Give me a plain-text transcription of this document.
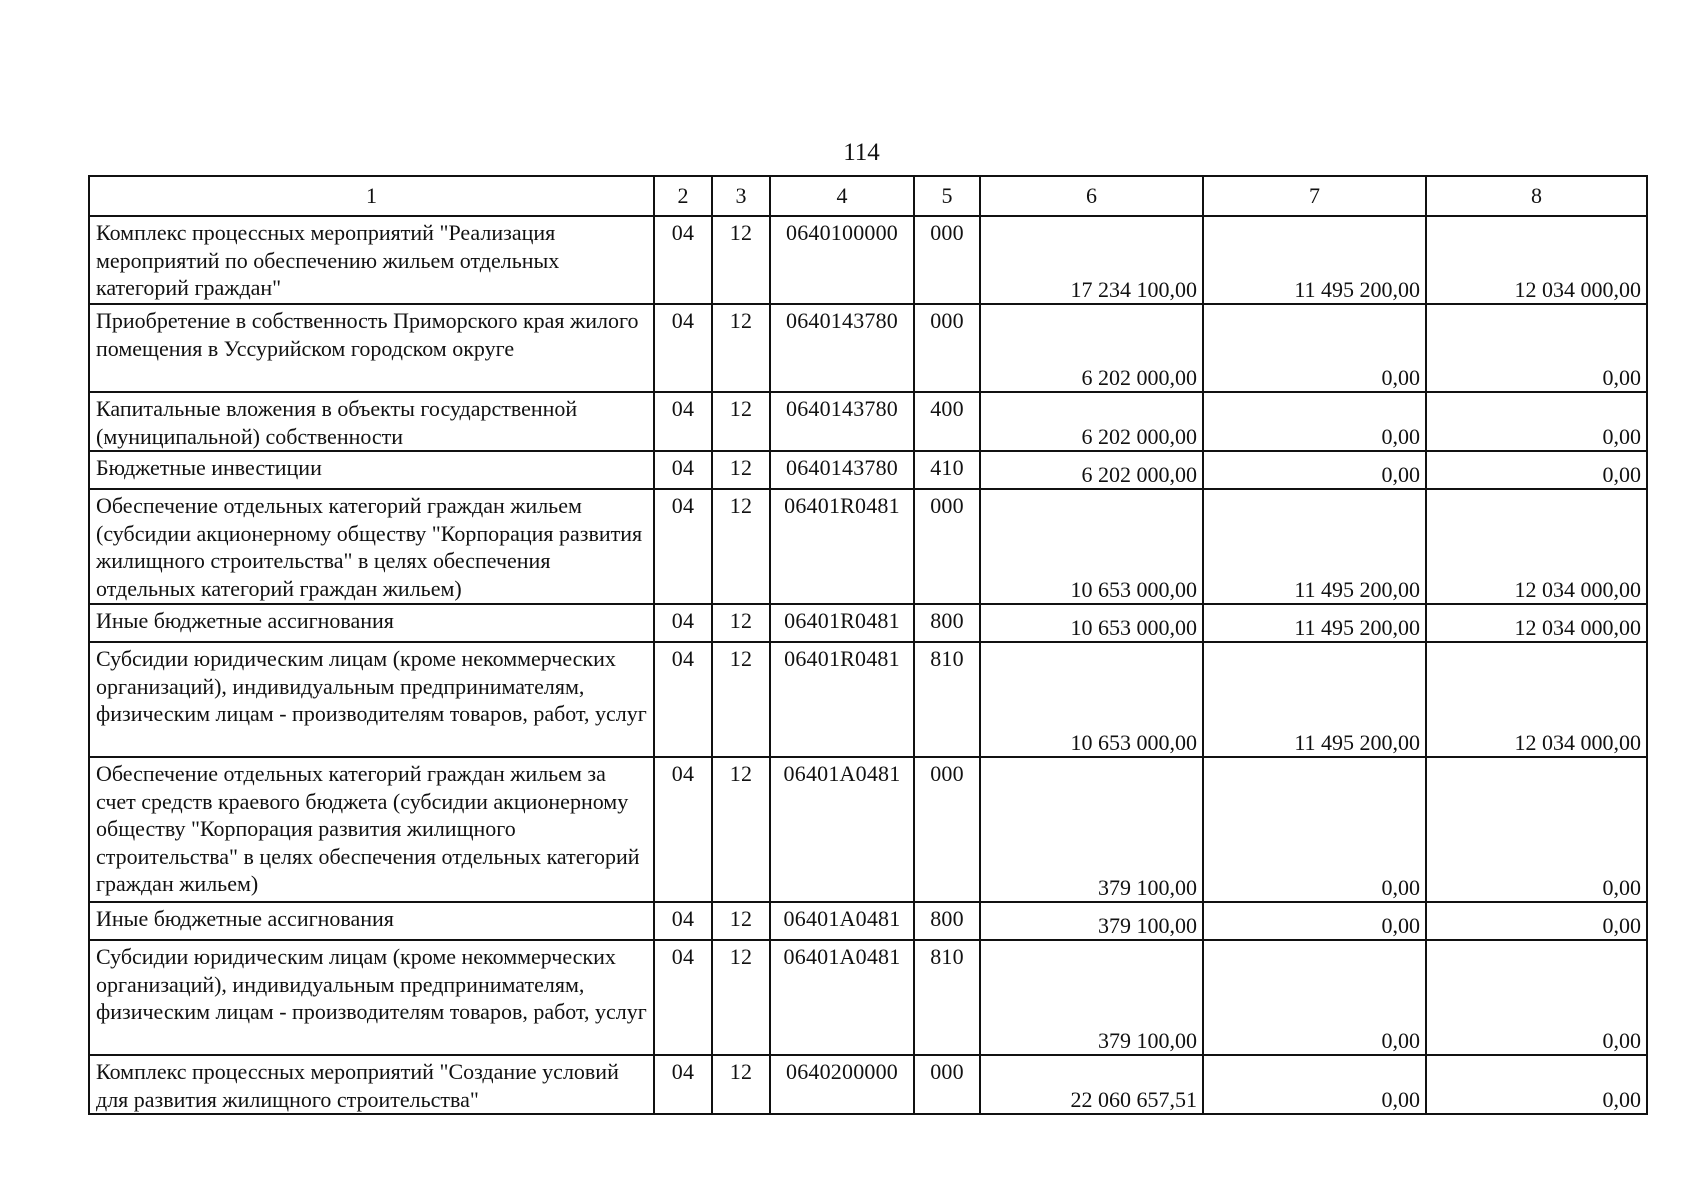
114
1	2	3	4	5	6	7	8
Комплекс процессных мероприятий "Реализация мероприятий по обеспечению жильем отдельных категорий граждан"	04	12	0640100000	000	17 234 100,00	11 495 200,00	12 034 000,00
Приобретение в собственность Приморского края жилого помещения в Уссурийском городском округе	04	12	0640143780	000	6 202 000,00	0,00	0,00
Капитальные вложения в объекты государственной (муниципальной) собственности	04	12	0640143780	400	6 202 000,00	0,00	0,00
Бюджетные инвестиции	04	12	0640143780	410	6 202 000,00	0,00	0,00
Обеспечение отдельных категорий граждан жильем (субсидии акционерному обществу "Корпорация развития жилищного строительства" в целях обеспечения отдельных категорий граждан жильем)	04	12	06401R0481	000	10 653 000,00	11 495 200,00	12 034 000,00
Иные бюджетные ассигнования	04	12	06401R0481	800	10 653 000,00	11 495 200,00	12 034 000,00
Субсидии юридическим лицам (кроме некоммерческих организаций), индивидуальным предпринимателям, физическим лицам - производителям товаров, работ, услуг	04	12	06401R0481	810	10 653 000,00	11 495 200,00	12 034 000,00
Обеспечение отдельных категорий граждан жильем за счет средств краевого бюджета (субсидии акционерному обществу "Корпорация развития жилищного строительства" в целях обеспечения отдельных категорий граждан жильем)	04	12	06401А0481	000	379 100,00	0,00	0,00
Иные бюджетные ассигнования	04	12	06401А0481	800	379 100,00	0,00	0,00
Субсидии юридическим лицам (кроме некоммерческих организаций), индивидуальным предпринимателям, физическим лицам - производителям товаров, работ, услуг	04	12	06401А0481	810	379 100,00	0,00	0,00
Комплекс процессных мероприятий "Создание условий для развития жилищного строительства"	04	12	0640200000	000	22 060 657,51	0,00	0,00
